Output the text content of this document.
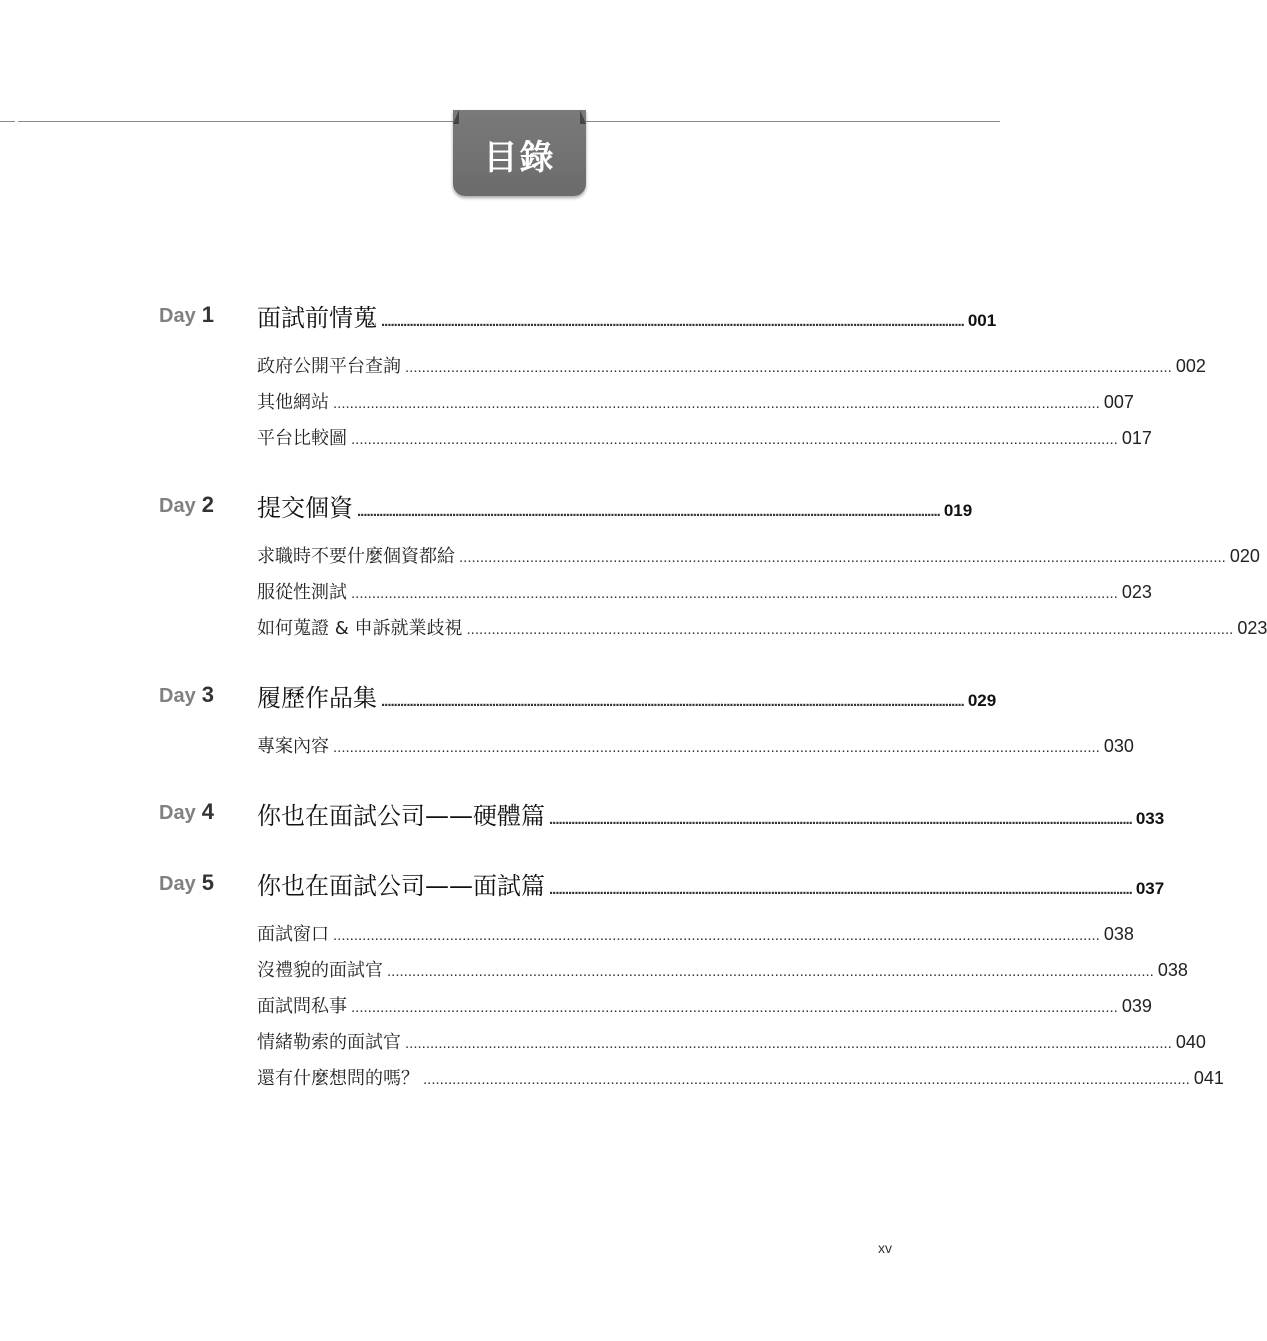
目錄
Day 1
Day 2
Day 3
Day 4
Day 5
面試前情蒐 ........................................................................................................................................................................................ 001
政府公開平台查詢 ........................................................................................................................................................................................ 002
其他網站 ........................................................................................................................................................................................ 007
平台比較圖 ........................................................................................................................................................................................ 017
提交個資 ........................................................................................................................................................................................ 019
求職時不要什麼個資都給 ........................................................................................................................................................................................ 020
服從性測試 ........................................................................................................................................................................................ 023
如何蒐證 & 申訴就業歧視 ........................................................................................................................................................................................ 023
履歷作品集 ........................................................................................................................................................................................ 029
專案內容 ........................................................................................................................................................................................ 030
你也在面試公司——硬體篇 ........................................................................................................................................................................................ 033
你也在面試公司——面試篇 ........................................................................................................................................................................................ 037
面試窗口 ........................................................................................................................................................................................ 038
沒禮貌的面試官 ........................................................................................................................................................................................ 038
面試問私事 ........................................................................................................................................................................................ 039
情緒勒索的面試官 ........................................................................................................................................................................................ 040
還有什麼想問的嗎？ ........................................................................................................................................................................................ 041
xv
